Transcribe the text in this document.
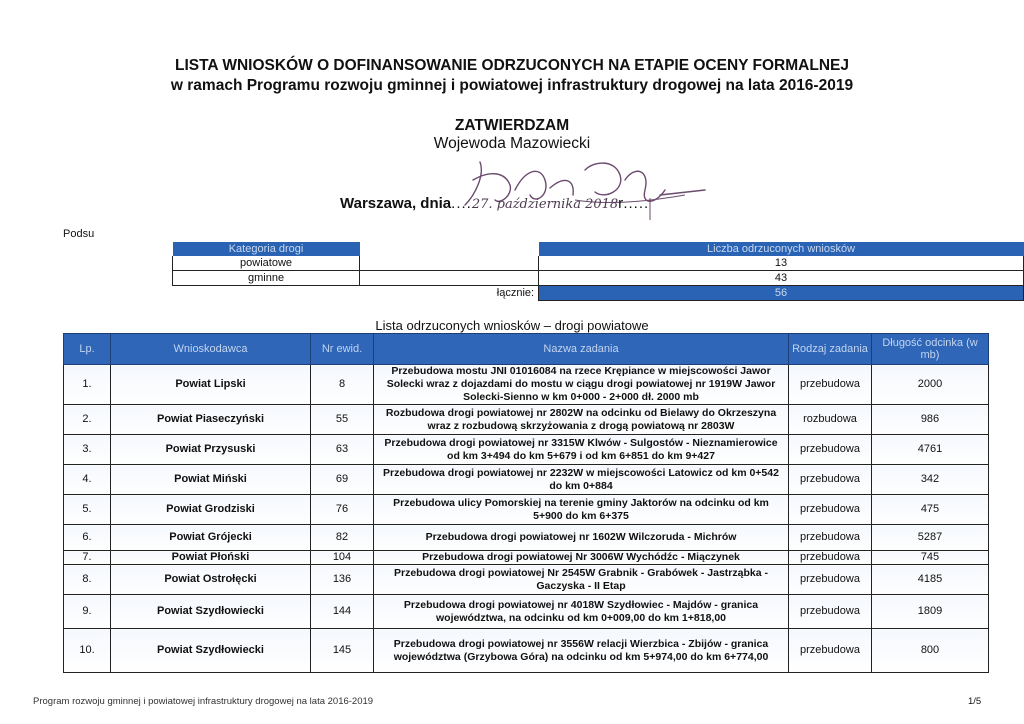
LISTA WNIOSKÓW O DOFINANSOWANIE ODRZUCONYCH NA ETAPIE OCENY FORMALNEJ
w ramach Programu rozwoju gminnej i powiatowej infrastruktury drogowej na lata 2016-2019
ZATWIERDZAM
Wojewoda Mazowiecki
Warszawa, dnia....27. października 2018r.....
Podsu
Kategoria drogi		Liczba odrzuconych wniosków
powiatowe		13
gminne		43
	łącznie:	56
Lista odrzuconych wniosków – drogi powiatowe
Lp.	Wnioskodawca	Nr ewid.	Nazwa zadania	Rodzaj zadania	Długość odcinka (w mb)
1.	Powiat Lipski	8	Przebudowa mostu JNI 01016084 na rzece Krępiance w miejscowości Jawor Solecki wraz z dojazdami do mostu w ciągu drogi powiatowej nr 1919W Jawor Solecki-Sienno w km 0+000 - 2+000 dł. 2000 mb	przebudowa	2000
2.	Powiat Piaseczyński	55	Rozbudowa drogi powiatowej nr 2802W na odcinku od Bielawy do Okrzeszyna wraz z rozbudową skrzyżowania z drogą powiatową nr 2803W	rozbudowa	986
3.	Powiat Przysuski	63	Przebudowa drogi powiatowej nr 3315W Klwów - Sulgostów - Nieznamierowice od km 3+494 do km 5+679 i od km 6+851 do km 9+427	przebudowa	4761
4.	Powiat Miński	69	Przebudowa drogi powiatowej nr 2232W w miejscowości Latowicz od km 0+542 do km 0+884	przebudowa	342
5.	Powiat Grodziski	76	Przebudowa ulicy Pomorskiej na terenie gminy Jaktorów na odcinku od km 5+900 do km 6+375	przebudowa	475
6.	Powiat Grójecki	82	Przebudowa drogi powiatowej nr 1602W Wilczoruda - Michrów	przebudowa	5287
7.	Powiat Płoński	104	Przebudowa drogi powiatowej Nr 3006W Wychódźc - Miączynek	przebudowa	745
8.	Powiat Ostrołęcki	136	Przebudowa drogi powiatowej Nr 2545W Grabnik - Grabówek - Jastrząbka - Gaczyska - II Etap	przebudowa	4185
9.	Powiat Szydłowiecki	144	Przebudowa drogi powiatowej nr 4018W Szydłowiec - Majdów - granica województwa, na odcinku od km 0+009,00 do km 1+818,00	przebudowa	1809
10.	Powiat Szydłowiecki	145	Przebudowa drogi powiatowej nr 3556W relacji Wierzbica - Zbijów - granica województwa (Grzybowa Góra) na odcinku od km 5+974,00 do km 6+774,00	przebudowa	800
Program rozwoju gminnej i powiatowej infrastruktury drogowej na lata 2016-2019	1/5
